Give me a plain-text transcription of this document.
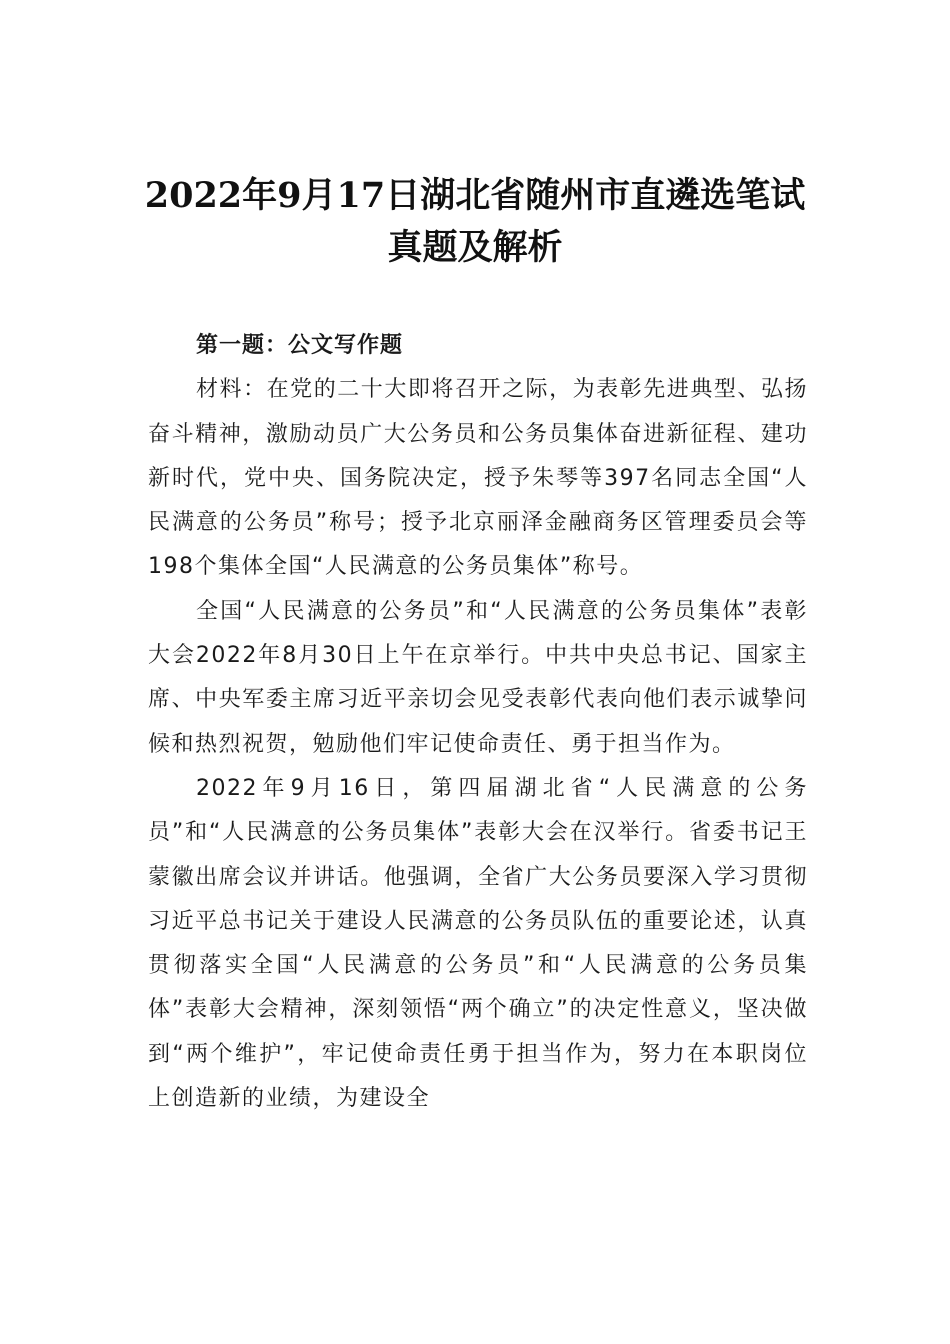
2022年9月17日湖北省随州市直遴选笔试
真题及解析

第一题：公文写作题

材料：在党的二十大即将召开之际，为表彰先进典型、弘扬奋斗精神，激励动员广大公务员和公务员集体奋进新征程、建功新时代，党中央、国务院决定，授予朱琴等397名同志全国“人民满意的公务员”称号；授予北京丽泽金融商务区管理委员会等198个集体全国“人民满意的公务员集体”称号。

全国“人民满意的公务员”和“人民满意的公务员集体”表彰大会2022年8月30日上午在京举行。中共中央总书记、国家主席、中央军委主席习近平亲切会见受表彰代表向他们表示诚挚问候和热烈祝贺，勉励他们牢记使命责任、勇于担当作为。

2022年9月16日，第四届湖北省“人民满意的公务员”和“人民满意的公务员集体”表彰大会在汉举行。省委书记王蒙徽出席会议并讲话。他强调，全省广大公务员要深入学习贯彻习近平总书记关于建设人民满意的公务员队伍的重要论述，认真贯彻落实全国“人民满意的公务员”和“人民满意的公务员集体”表彰大会精神，深刻领悟“两个确立”的决定性意义，坚决做到“两个维护”，牢记使命责任勇于担当作为，努力在本职岗位上创造新的业绩，为建设全
